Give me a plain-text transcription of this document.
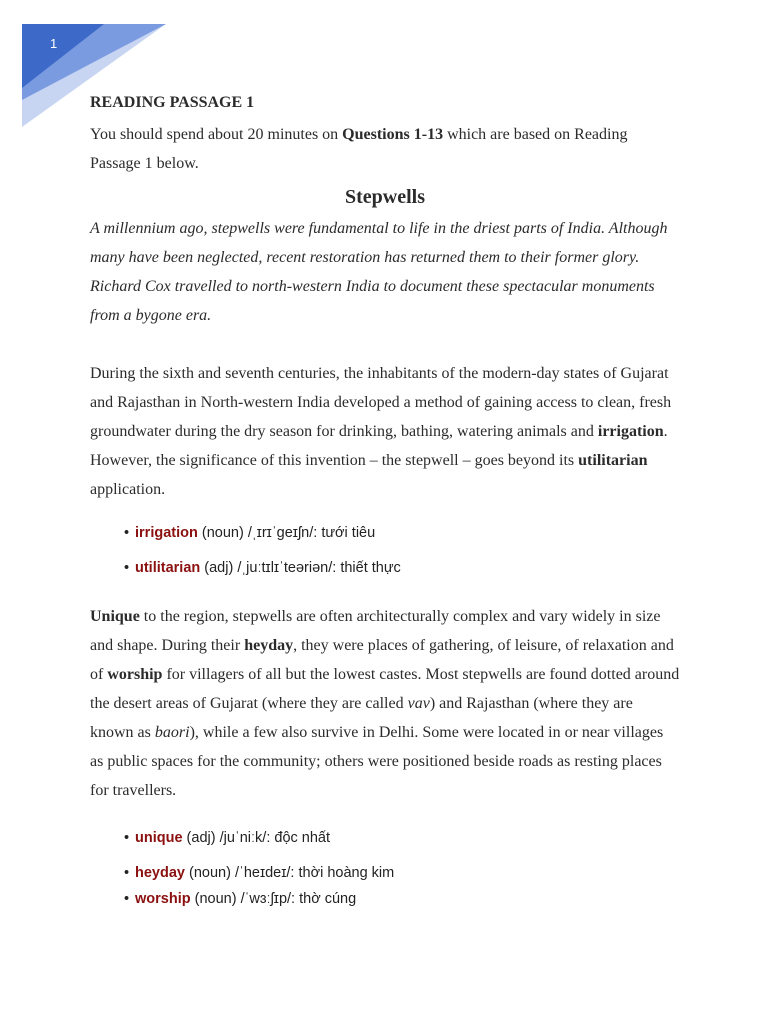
1
READING PASSAGE 1

You should spend about 20 minutes on Questions 1-13 which are based on Reading Passage 1 below.

Stepwells

A millennium ago, stepwells were fundamental to life in the driest parts of India. Although many have been neglected, recent restoration has returned them to their former glory. Richard Cox travelled to north-western India to document these spectacular monuments from a bygone era.

During the sixth and seventh centuries, the inhabitants of the modern-day states of Gujarat and Rajasthan in North-western India developed a method of gaining access to clean, fresh groundwater during the dry season for drinking, bathing, watering animals and irrigation. However, the significance of this invention – the stepwell – goes beyond its utilitarian application.

• irrigation (noun) /ˌɪrɪˈɡeɪʃn/: tưới tiêu
• utilitarian (adj) /ˌjuːtɪlɪˈteəriən/: thiết thực

Unique to the region, stepwells are often architecturally complex and vary widely in size and shape. During their heyday, they were places of gathering, of leisure, of relaxation and of worship for villagers of all but the lowest castes. Most stepwells are found dotted around the desert areas of Gujarat (where they are called vav) and Rajasthan (where they are known as baori), while a few also survive in Delhi. Some were located in or near villages as public spaces for the community; others were positioned beside roads as resting places for travellers.

• unique (adj) /juˈniːk/: độc nhất
• heyday (noun) /ˈheɪdeɪ/: thời hoàng kim
• worship (noun) /ˈwɜːʃɪp/: thờ cúng
